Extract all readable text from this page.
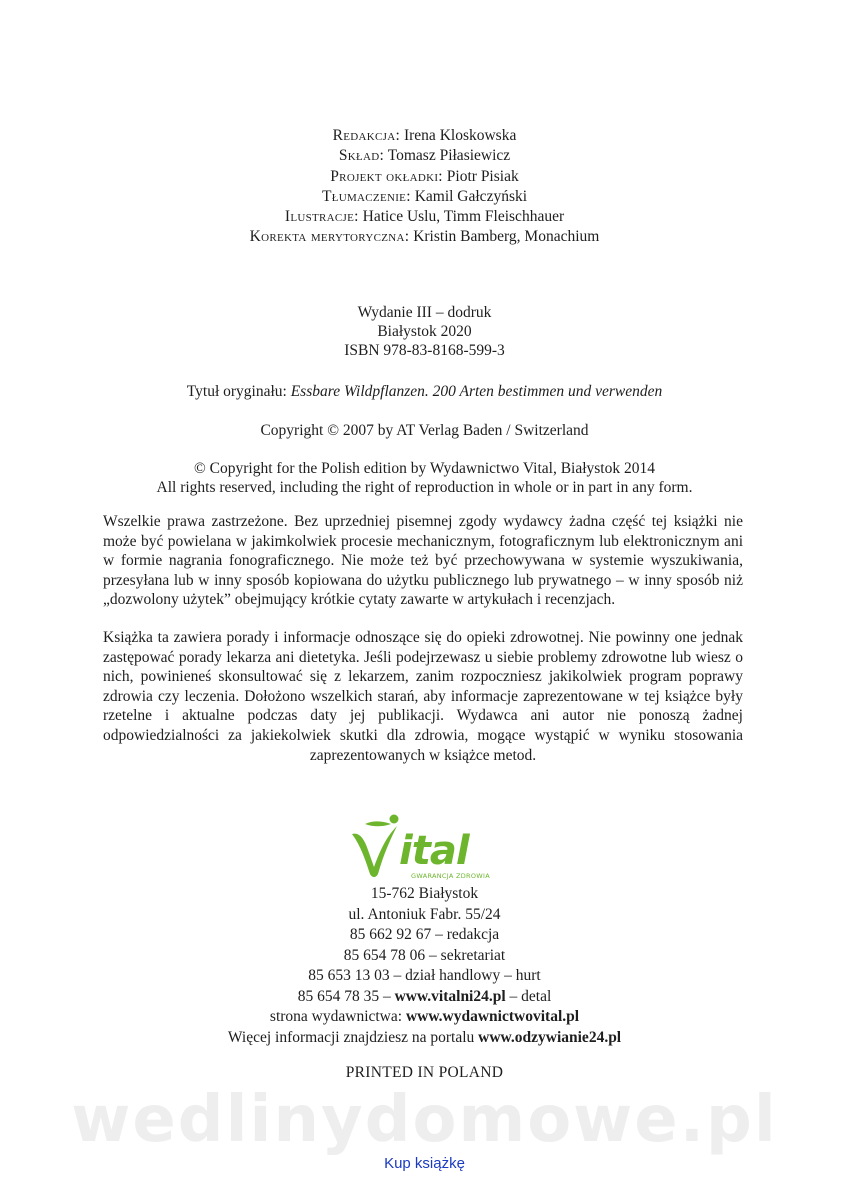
Redakcja: Irena Kloskowska
Skład: Tomasz Piłasiewicz
Projekt okładki: Piotr Pisiak
Tłumaczenie: Kamil Gałczyński
Ilustracje: Hatice Uslu, Timm Fleischhauer
Korekta merytoryczna: Kristin Bamberg, Monachium
Wydanie III – dodruk
Białystok 2020
ISBN 978-83-8168-599-3
Tytuł oryginału: Essbare Wildpflanzen. 200 Arten bestimmen und verwenden
Copyright © 2007 by AT Verlag Baden / Switzerland
© Copyright for the Polish edition by Wydawnictwo Vital, Białystok 2014
All rights reserved, including the right of reproduction in whole or in part in any form.
Wszelkie prawa zastrzeżone. Bez uprzedniej pisemnej zgody wydawcy żadna część tej książki nie może być powielana w jakimkolwiek procesie mechanicznym, fotograficznym lub elektronicznym ani w formie nagrania fonograficznego. Nie może też być przechowywana w systemie wyszukiwania, przesyłana lub w inny sposób kopiowana do użytku publicznego lub prywatnego – w inny sposób niż „dozwolony użytek” obejmujący krótkie cytaty zawarte w artykułach i recenzjach.
Książka ta zawiera porady i informacje odnoszące się do opieki zdrowotnej. Nie powinny one jednak zastępować porady lekarza ani dietetyka. Jeśli podejrzewasz u siebie problemy zdrowotne lub wiesz o nich, powinieneś skonsultować się z lekarzem, zanim rozpoczniesz jakikolwiek program poprawy zdrowia czy leczenia. Dołożono wszelkich starań, aby informacje zaprezentowane w tej książce były rzetelne i aktualne podczas daty jej publikacji. Wydawca ani autor nie ponoszą żadnej odpowiedzialności za jakiekolwiek skutki dla zdrowia, mogące wystąpić w wyniku stosowania zaprezentowanych w książce metod.
ital
GWARANCJA ZDROWIA
15-762 Białystok
ul. Antoniuk Fabr. 55/24
85 662 92 67 – redakcja
85 654 78 06 – sekretariat
85 653 13 03 – dział handlowy – hurt
85 654 78 35 – www.vitalni24.pl – detal
strona wydawnictwa: www.wydawnictwovital.pl
Więcej informacji znajdziesz na portalu www.odzywianie24.pl
PRINTED IN POLAND
wedlinydomowe.pl
Kup książkę
